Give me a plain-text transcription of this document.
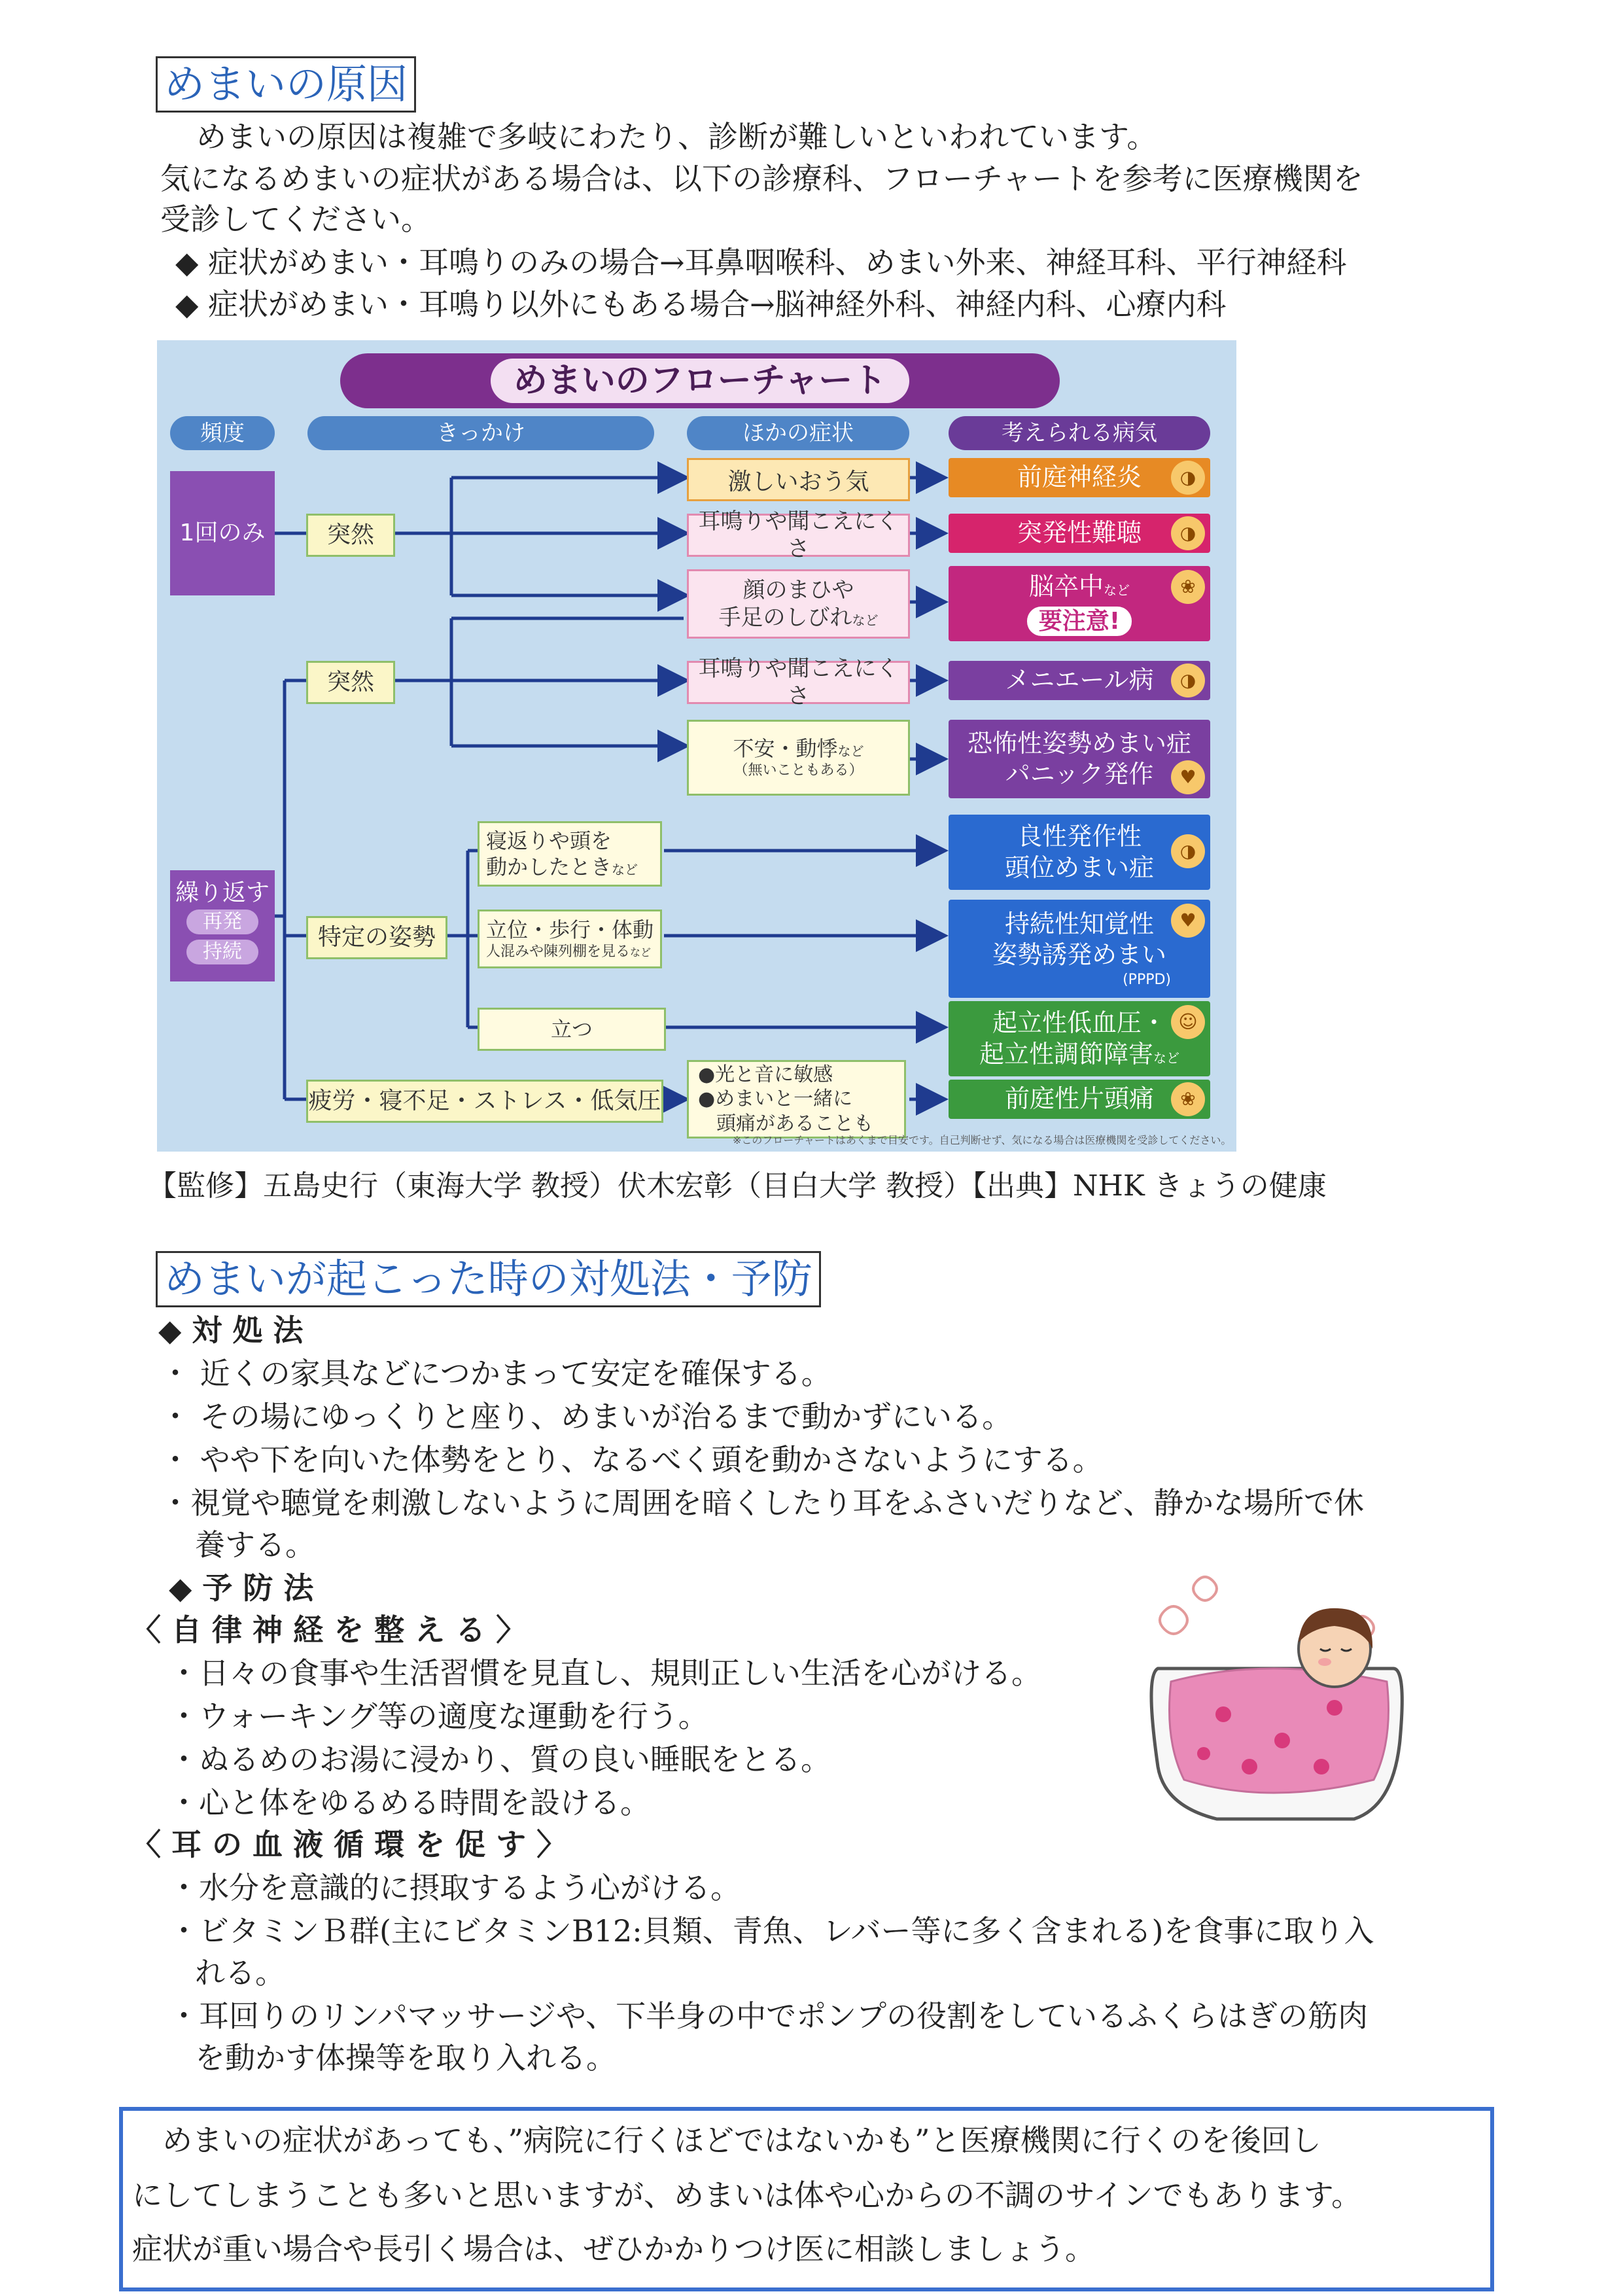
めまいの原因
めまいの原因は複雑で多岐にわたり、診断が難しいといわれています。
気になるめまいの症状がある場合は、以下の診療科、フローチャートを参考に医療機関を
受診してください。
◆ 症状がめまい・耳鳴りのみの場合→耳鼻咽喉科、めまい外来、神経耳科、平行神経科
◆ 症状がめまい・耳鳴り以外にもある場合→脳神経外科、神経内科、心療内科
めまいのフローチャート
頻度	きっかけ	ほかの症状	考えられる病気
1回のみ
繰り返す
再発
持続
突然
突然
特定の姿勢
疲労・寝不足・ストレス・低気圧
激しいおう気
耳鳴りや聞こえにくさ
顔のまひや
手足のしびれなど
耳鳴りや聞こえにくさ
不安・動悸など
（無いこともある）
寝返りや頭を
動かしたときなど
立位・歩行・体動
人混みや陳列棚を見るなど
立つ
●光と音に敏感
●めまいと一緒に
頭痛があることも
前庭神経炎	◑
突発性難聴	◑
脳卒中など
要注意!
❀
メニエール病	◑
恐怖性姿勢めまい症
パニック発作	♥
良性発作性
頭位めまい症
◑
持続性知覚性
姿勢誘発めまい
(PPPD)
♥
起立性低血圧・
起立性調節障害など
☺
前庭性片頭痛	❀
※このフローチャートはあくまで目安です。自己判断せず、気になる場合は医療機関を受診してください。
【監修】五島史行（東海大学 教授）伏木宏彰（目白大学 教授）【出典】NHK きょうの健康
めまいが起こった時の対処法・予防
◆ 対 処 法
・ 近くの家具などにつかまって安定を確保する。
・ その場にゆっくりと座り、めまいが治るまで動かずにいる。
・ やや下を向いた体勢をとり、なるべく頭を動かさないようにする。
・視覚や聴覚を刺激しないように周囲を暗くしたり耳をふさいだりなど、静かな場所で休
養する。
◆ 予 防 法
〈 自 律 神 経 を 整 え る 〉
・日々の食事や生活習慣を見直し、規則正しい生活を心がける。
・ウォーキング等の適度な運動を行う。
・ぬるめのお湯に浸かり、質の良い睡眠をとる。
・心と体をゆるめる時間を設ける。
〈 耳 の 血 液 循 環 を 促 す 〉
・水分を意識的に摂取するよう心がける。
・ビタミンＢ群(主にビタミンB12:貝類、青魚、レバー等に多く含まれる)を食事に取り入
れる。
・耳回りのリンパマッサージや、下半身の中でポンプの役割をしているふくらはぎの筋肉
を動かす体操等を取り入れる。
めまいの症状があっても、”病院に行くほどではないかも”と医療機関に行くのを後回し
にしてしまうことも多いと思いますが、めまいは体や心からの不調のサインでもあります。
症状が重い場合や長引く場合は、ぜひかかりつけ医に相談しましょう。
